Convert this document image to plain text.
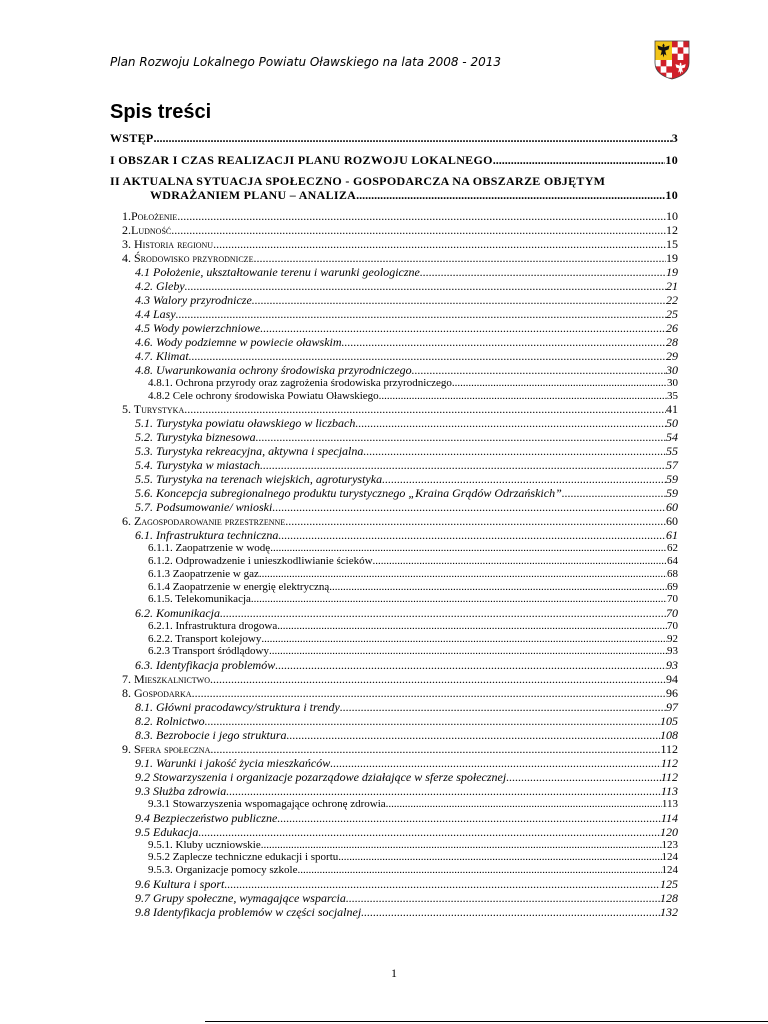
Plan Rozwoju Lokalnego Powiatu Oławskiego na lata 2008 - 2013
Spis treści
WSTĘP .....	3
I OBSZAR I CZAS REALIZACJI PLANU ROZWOJU LOKALNEGO .....	10
II AKTUALNA SYTUACJA SPOŁECZNO - GOSPODARCZA NA OBSZARZE OBJĘTYM
WDRAŻANIEM PLANU – ANALIZA .....	10
1.Położenie .....	10
2.Ludność .....	12
3. Historia regionu .....	15
4. Środowisko przyrodnicze .....	19
4.1 Położenie, ukształtowanie terenu i warunki geologiczne .....	19
4.2. Gleby .....	21
4.3 Walory przyrodnicze .....	22
4.4 Lasy .....	25
4.5 Wody powierzchniowe .....	26
4.6. Wody podziemne w powiecie oławskim .....	28
4.7. Klimat .....	29
4.8. Uwarunkowania ochrony środowiska przyrodniczego .....	30
4.8.1. Ochrona przyrody oraz zagrożenia środowiska przyrodniczego .....	30
4.8.2 Cele ochrony środowiska Powiatu Oławskiego .....	35
5. Turystyka .....	41
5.1. Turystyka powiatu oławskiego w liczbach .....	50
5.2. Turystyka biznesowa .....	54
5.3. Turystyka rekreacyjna, aktywna i specjalna .....	55
5.4. Turystyka w miastach .....	57
5.5. Turystyka na terenach wiejskich, agroturystyka .....	59
5.6. Koncepcja subregionalnego produktu turystycznego „Kraina Grądów Odrzańskich” .....	59
5.7. Podsumowanie/ wnioski .....	60
6. Zagospodarowanie przestrzenne .....	60
6.1. Infrastruktura techniczna .....	61
6.1.1. Zaopatrzenie w wodę .....	62
6.1.2. Odprowadzenie i unieszkodliwianie ścieków .....	64
6.1.3 Zaopatrzenie w gaz .....	68
6.1.4 Zaopatrzenie w energię elektryczną .....	69
6.1.5. Telekomunikacja .....	70
6.2. Komunikacja .....	70
6.2.1. Infrastruktura drogowa .....	70
6.2.2. Transport kolejowy .....	92
6.2.3 Transport śródlądowy .....	93
6.3. Identyfikacja problemów .....	93
7. Mieszkalnictwo .....	94
8. Gospodarka .....	96
8.1. Główni pracodawcy/struktura i trendy .....	97
8.2. Rolnictwo .....	105
8.3. Bezrobocie i jego struktura .....	108
9. Sfera społeczna .....	112
9.1. Warunki i jakość życia mieszkańców .....	112
9.2 Stowarzyszenia i organizacje pozarządowe działające w sferze społecznej .....	112
9.3 Służba zdrowia .....	113
9.3.1 Stowarzyszenia wspomagające ochronę zdrowia .....	113
9.4 Bezpieczeństwo publiczne .....	114
9.5 Edukacja .....	120
9.5.1. Kluby uczniowskie .....	123
9.5.2 Zaplecze techniczne edukacji i sportu .....	124
9.5.3. Organizacje pomocy szkole .....	124
9.6 Kultura i sport .....	125
9.7 Grupy społeczne, wymagające wsparcia .....	128
9.8 Identyfikacja problemów w części socjalnej .....	132
1
